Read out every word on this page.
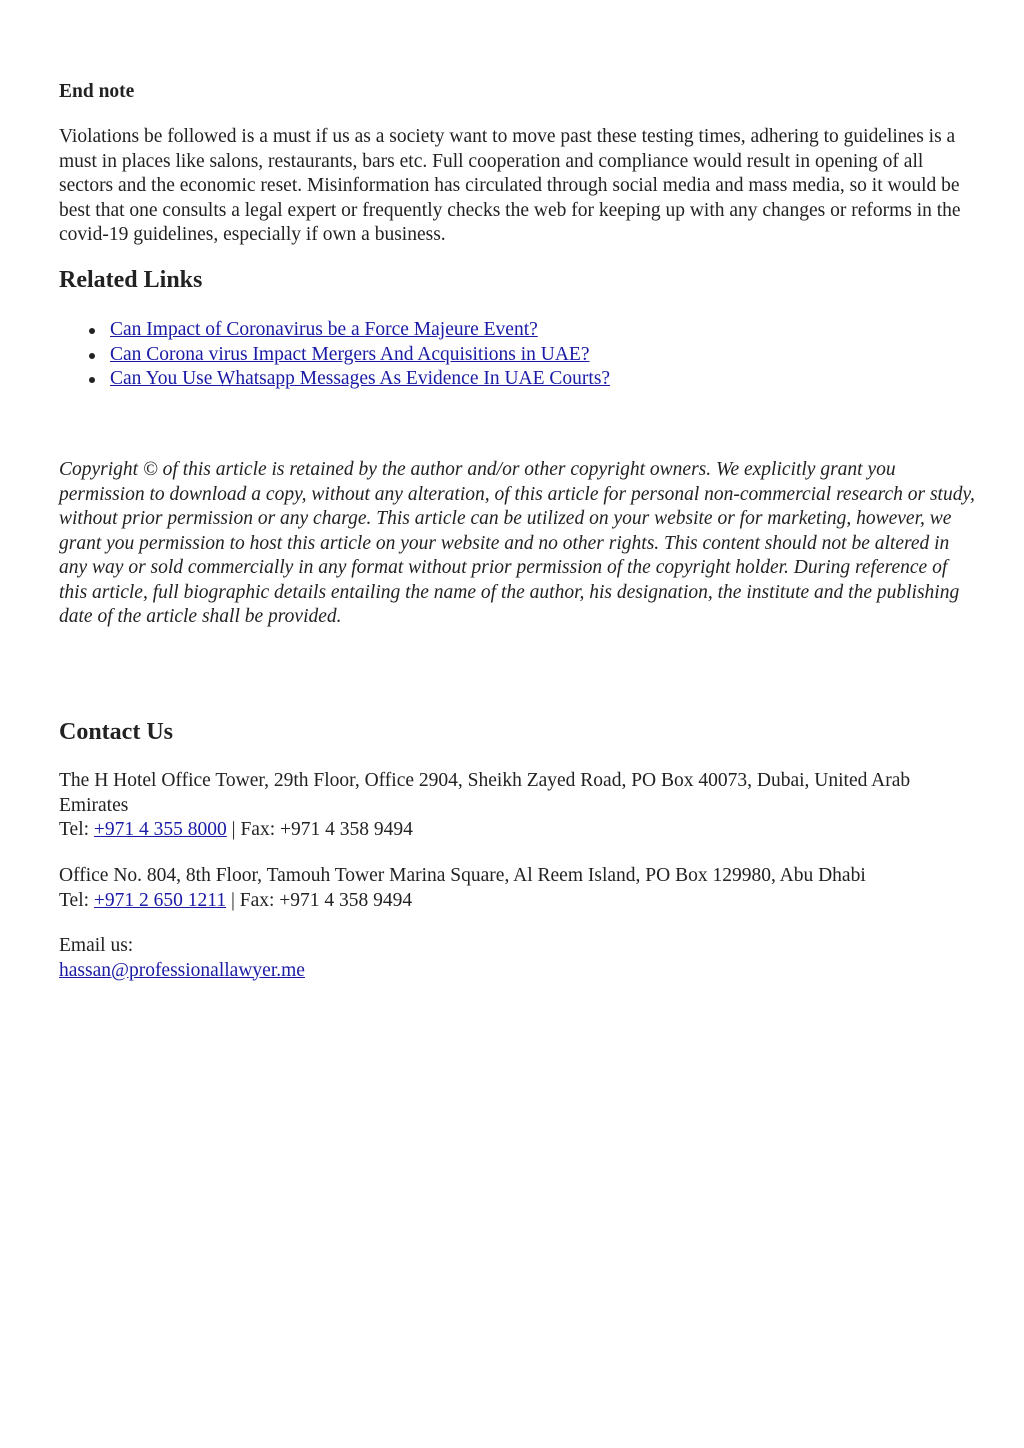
End note

Violations be followed is a must if us as a society want to move past these testing times, adhering to guidelines is a must in places like salons, restaurants, bars etc. Full cooperation and compliance would result in opening of all sectors and the economic reset. Misinformation has circulated through social media and mass media, so it would be best that one consults a legal expert or frequently checks the web for keeping up with any changes or reforms in the covid-19 guidelines, especially if own a business.

Related Links
Can Impact of Coronavirus be a Force Majeure Event?
Can Corona virus Impact Mergers And Acquisitions in UAE?
Can You Use Whatsapp Messages As Evidence In UAE Courts?

Copyright © of this article is retained by the author and/or other copyright owners. We explicitly grant you permission to download a copy, without any alteration, of this article for personal non-commercial research or study, without prior permission or any charge. This article can be utilized on your website or for marketing, however, we grant you permission to host this article on your website and no other rights. This content should not be altered in any way or sold commercially in any format without prior permission of the copyright holder. During reference of this article, full biographic details entailing the name of the author, his designation, the institute and the publishing date of the article shall be provided.

Contact Us

The H Hotel Office Tower, 29th Floor, Office 2904, Sheikh Zayed Road, PO Box 40073, Dubai, United Arab Emirates
Tel: +971 4 355 8000 | Fax: +971 4 358 9494

Office No. 804, 8th Floor, Tamouh Tower Marina Square, Al Reem Island, PO Box 129980, Abu Dhabi
Tel: +971 2 650 1211 | Fax: +971 4 358 9494

Email us:
hassan@professionallawyer.me
